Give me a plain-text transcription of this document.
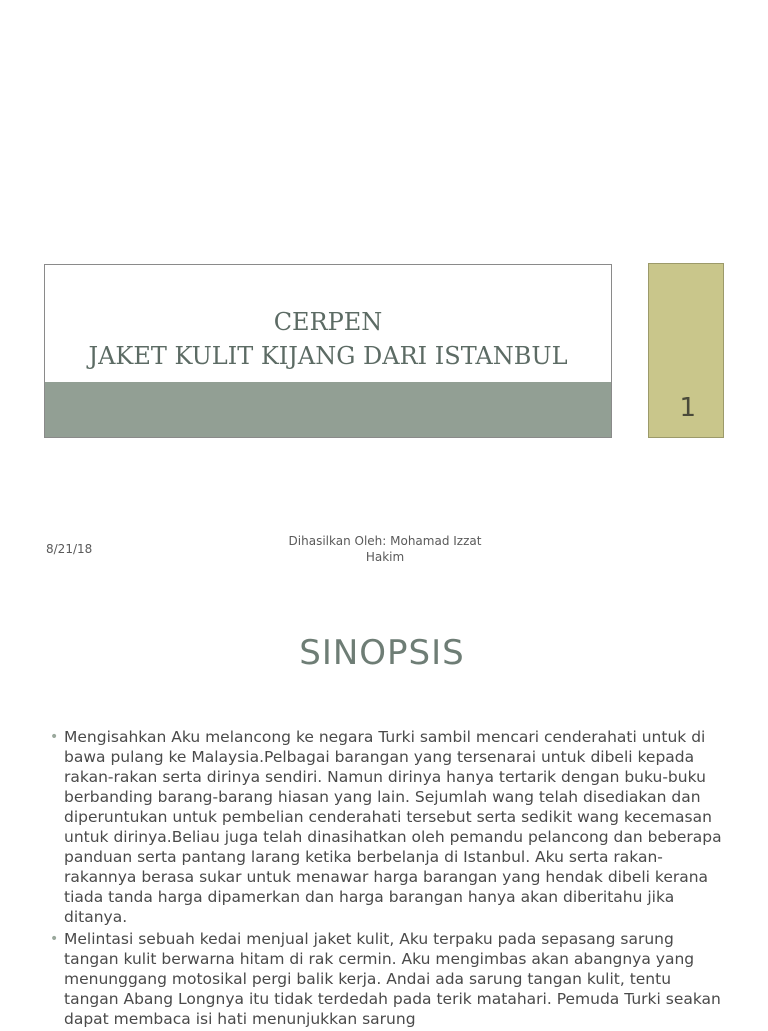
CERPEN
JAKET KULIT KIJANG DARI ISTANBUL
1
8/21/18
Dihasilkan Oleh: Mohamad Izzat Hakim
SINOPSIS
• Mengisahkan Aku melancong ke negara Turki sambil mencari cenderahati untuk di bawa pulang ke Malaysia.Pelbagai barangan yang tersenarai untuk dibeli kepada rakan-rakan serta dirinya sendiri. Namun dirinya hanya tertarik dengan buku-buku berbanding barang-barang hiasan yang lain. Sejumlah wang telah disediakan dan diperuntukan untuk pembelian cenderahati tersebut serta sedikit wang kecemasan untuk dirinya.Beliau juga telah dinasihatkan oleh pemandu pelancong dan beberapa panduan serta pantang larang ketika berbelanja di Istanbul. Aku serta rakan-rakannya berasa sukar untuk menawar harga barangan yang hendak dibeli kerana tiada tanda harga dipamerkan dan harga barangan hanya akan diberitahu jika ditanya.
• Melintasi sebuah kedai menjual jaket kulit, Aku terpaku pada sepasang sarung tangan kulit berwarna hitam di rak cermin. Aku mengimbas akan abangnya yang menunggang motosikal pergi balik kerja. Andai ada sarung tangan kulit, tentu tangan Abang Longnya itu tidak terdedah pada terik matahari. Pemuda Turki seakan dapat membaca isi hati menunjukkan sarung
